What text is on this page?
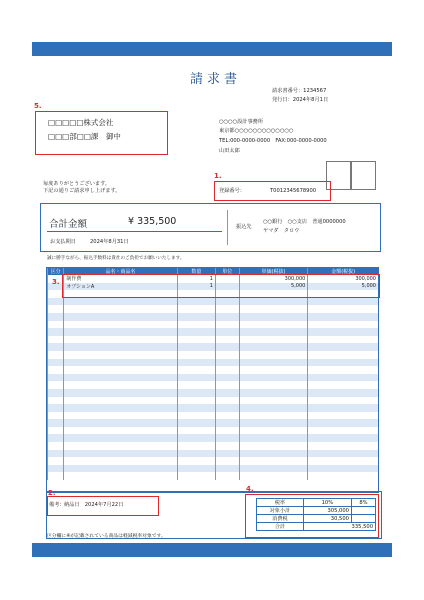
請求書
請求書番号：1234567
発行日：2024年8月1日
5.
□□□□□株式会社
□□□部□□課　御中
○○○○設計事務所
東京都○○○○○○○○○○○○○
TEL:000-0000-0000　FAX:000-0000-0000
山田太郎
毎度ありがとうございます。
下記の通りご請求申し上げます。
1.
登録番号：	T0012345678900
合計金額	¥ 335,500
お支払期日	2024年8月31日
振込先
○○銀行　○○支店　普通0000000
ヤマダ　タロウ
誠に勝手ながら、振込手数料は貴社のご負担でお願いいたします。
区分	品名・商品名	数量	単位	単価(税抜)	金額(税抜)
	制作費	1		300,000	300,000
	オプションA	1		5,000	5,000

3.
2.
備考： 納品日　2024年7月22日
4.
税率	10%	8%
対象小計	305,000	
消費税	30,500	
合計	335,500	
区分欄に※が記載されている商品は軽減税率対象です。
